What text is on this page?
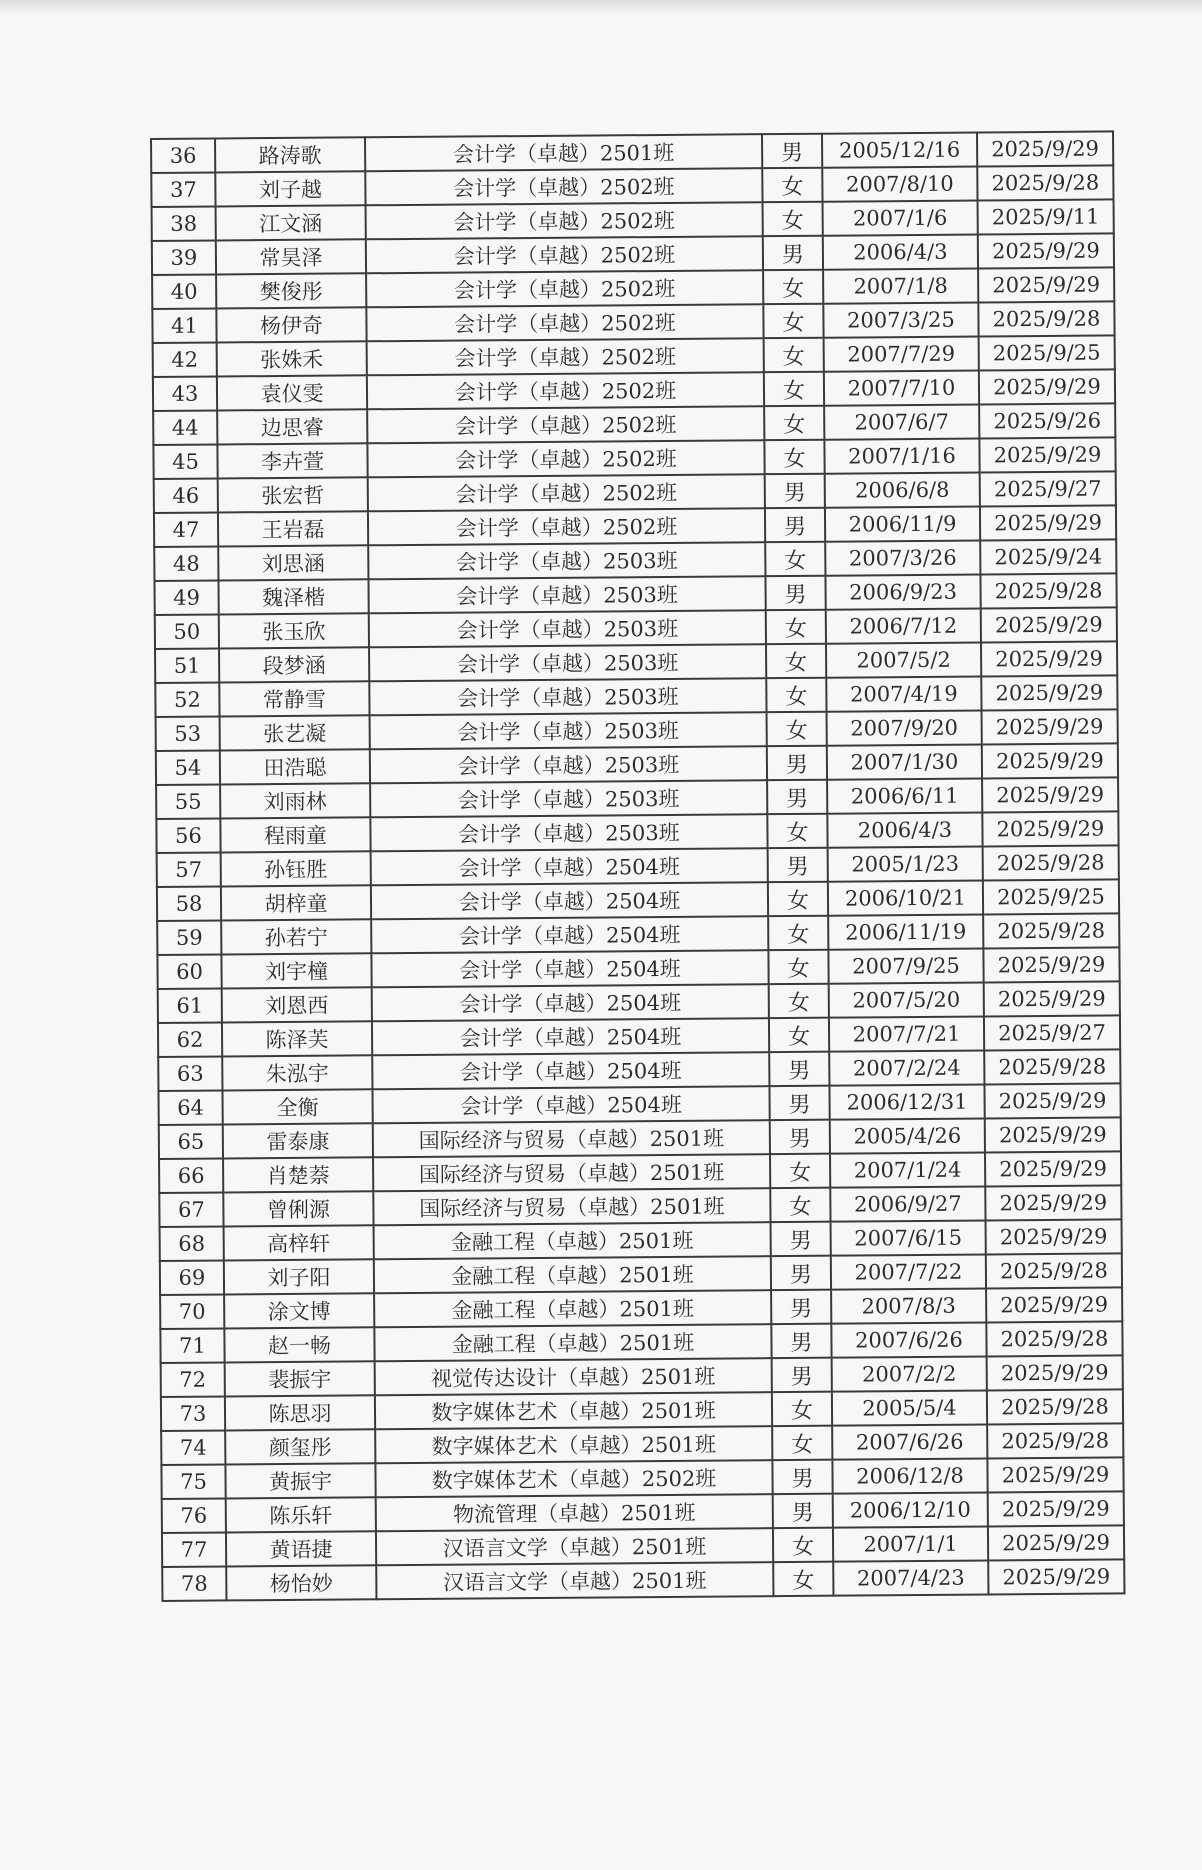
36	路涛歌	会计学（卓越）2501班	男	2005/12/16	2025/9/29
37	刘子越	会计学（卓越）2502班	女	2007/8/10	2025/9/28
38	江文涵	会计学（卓越）2502班	女	2007/1/6	2025/9/11
39	常昊泽	会计学（卓越）2502班	男	2006/4/3	2025/9/29
40	樊俊彤	会计学（卓越）2502班	女	2007/1/8	2025/9/29
41	杨伊奇	会计学（卓越）2502班	女	2007/3/25	2025/9/28
42	张姝禾	会计学（卓越）2502班	女	2007/7/29	2025/9/25
43	袁仪雯	会计学（卓越）2502班	女	2007/7/10	2025/9/29
44	边思睿	会计学（卓越）2502班	女	2007/6/7	2025/9/26
45	李卉萱	会计学（卓越）2502班	女	2007/1/16	2025/9/29
46	张宏哲	会计学（卓越）2502班	男	2006/6/8	2025/9/27
47	王岩磊	会计学（卓越）2502班	男	2006/11/9	2025/9/29
48	刘思涵	会计学（卓越）2503班	女	2007/3/26	2025/9/24
49	魏泽楷	会计学（卓越）2503班	男	2006/9/23	2025/9/28
50	张玉欣	会计学（卓越）2503班	女	2006/7/12	2025/9/29
51	段梦涵	会计学（卓越）2503班	女	2007/5/2	2025/9/29
52	常静雪	会计学（卓越）2503班	女	2007/4/19	2025/9/29
53	张艺凝	会计学（卓越）2503班	女	2007/9/20	2025/9/29
54	田浩聪	会计学（卓越）2503班	男	2007/1/30	2025/9/29
55	刘雨林	会计学（卓越）2503班	男	2006/6/11	2025/9/29
56	程雨童	会计学（卓越）2503班	女	2006/4/3	2025/9/29
57	孙钰胜	会计学（卓越）2504班	男	2005/1/23	2025/9/28
58	胡梓童	会计学（卓越）2504班	女	2006/10/21	2025/9/25
59	孙若宁	会计学（卓越）2504班	女	2006/11/19	2025/9/28
60	刘宇橦	会计学（卓越）2504班	女	2007/9/25	2025/9/29
61	刘恩西	会计学（卓越）2504班	女	2007/5/20	2025/9/29
62	陈泽芙	会计学（卓越）2504班	女	2007/7/21	2025/9/27
63	朱泓宇	会计学（卓越）2504班	男	2007/2/24	2025/9/28
64	全衡	会计学（卓越）2504班	男	2006/12/31	2025/9/29
65	雷泰康	国际经济与贸易（卓越）2501班	男	2005/4/26	2025/9/29
66	肖楚萘	国际经济与贸易（卓越）2501班	女	2007/1/24	2025/9/29
67	曾俐源	国际经济与贸易（卓越）2501班	女	2006/9/27	2025/9/29
68	高梓轩	金融工程（卓越）2501班	男	2007/6/15	2025/9/29
69	刘子阳	金融工程（卓越）2501班	男	2007/7/22	2025/9/28
70	涂文博	金融工程（卓越）2501班	男	2007/8/3	2025/9/29
71	赵一畅	金融工程（卓越）2501班	男	2007/6/26	2025/9/28
72	裴振宇	视觉传达设计（卓越）2501班	男	2007/2/2	2025/9/29
73	陈思羽	数字媒体艺术（卓越）2501班	女	2005/5/4	2025/9/28
74	颜玺彤	数字媒体艺术（卓越）2501班	女	2007/6/26	2025/9/28
75	黄振宇	数字媒体艺术（卓越）2502班	男	2006/12/8	2025/9/29
76	陈乐轩	物流管理（卓越）2501班	男	2006/12/10	2025/9/29
77	黄语捷	汉语言文学（卓越）2501班	女	2007/1/1	2025/9/29
78	杨怡妙	汉语言文学（卓越）2501班	女	2007/4/23	2025/9/29
